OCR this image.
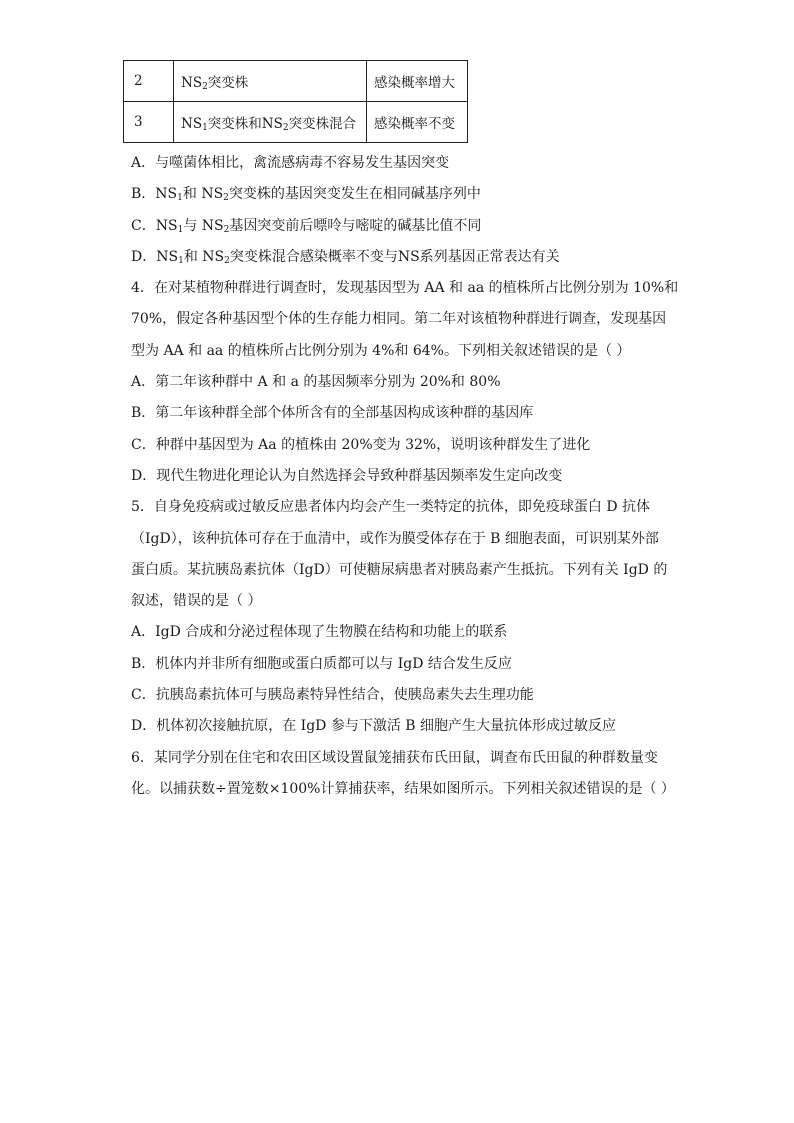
2	$NS_2$突变株	感染概率增大
3	$NS_1$突变株和$NS_2$突变株混合	感染概率不变
A．与噬菌体相比，禽流感病毒不容易发生基因突变
B．$NS_1$和 $NS_2$突变株的基因突变发生在相同碱基序列中
C．$NS_1$与 $NS_2$基因突变前后嘌呤与嘧啶的碱基比值不同
D．$NS_1$和 $NS_2$突变株混合感染概率不变与NS系列基因正常表达有关
4．在对某植物种群进行调查时，发现基因型为 AA 和 aa 的植株所占比例分别为 10%和
70%，假定各种基因型个体的生存能力相同。第二年对该植物种群进行调查，发现基因
型为 AA 和 aa 的植株所占比例分别为 4%和 64%。下列相关叙述错误的是（ ）
A．第二年该种群中 A 和 a 的基因频率分别为 20%和 80%
B．第二年该种群全部个体所含有的全部基因构成该种群的基因库
C．种群中基因型为 Aa 的植株由 20%变为 32%，说明该种群发生了进化
D．现代生物进化理论认为自然选择会导致种群基因频率发生定向改变
5．自身免疫病或过敏反应患者体内均会产生一类特定的抗体，即免疫球蛋白 D 抗体
（IgD），该种抗体可存在于血清中，或作为膜受体存在于 B 细胞表面，可识别某外部
蛋白质。某抗胰岛素抗体（IgD）可使糖尿病患者对胰岛素产生抵抗。下列有关 IgD 的
叙述，错误的是（ ）
A．IgD 合成和分泌过程体现了生物膜在结构和功能上的联系
B．机体内并非所有细胞或蛋白质都可以与 IgD 结合发生反应
C．抗胰岛素抗体可与胰岛素特异性结合，使胰岛素失去生理功能
D．机体初次接触抗原，在 IgD 参与下激活 B 细胞产生大量抗体形成过敏反应
6．某同学分别在住宅和农田区域设置鼠笼捕获布氏田鼠，调查布氏田鼠的种群数量变
化。以捕获数÷置笼数×100%计算捕获率，结果如图所示。下列相关叙述错误的是（ ）
